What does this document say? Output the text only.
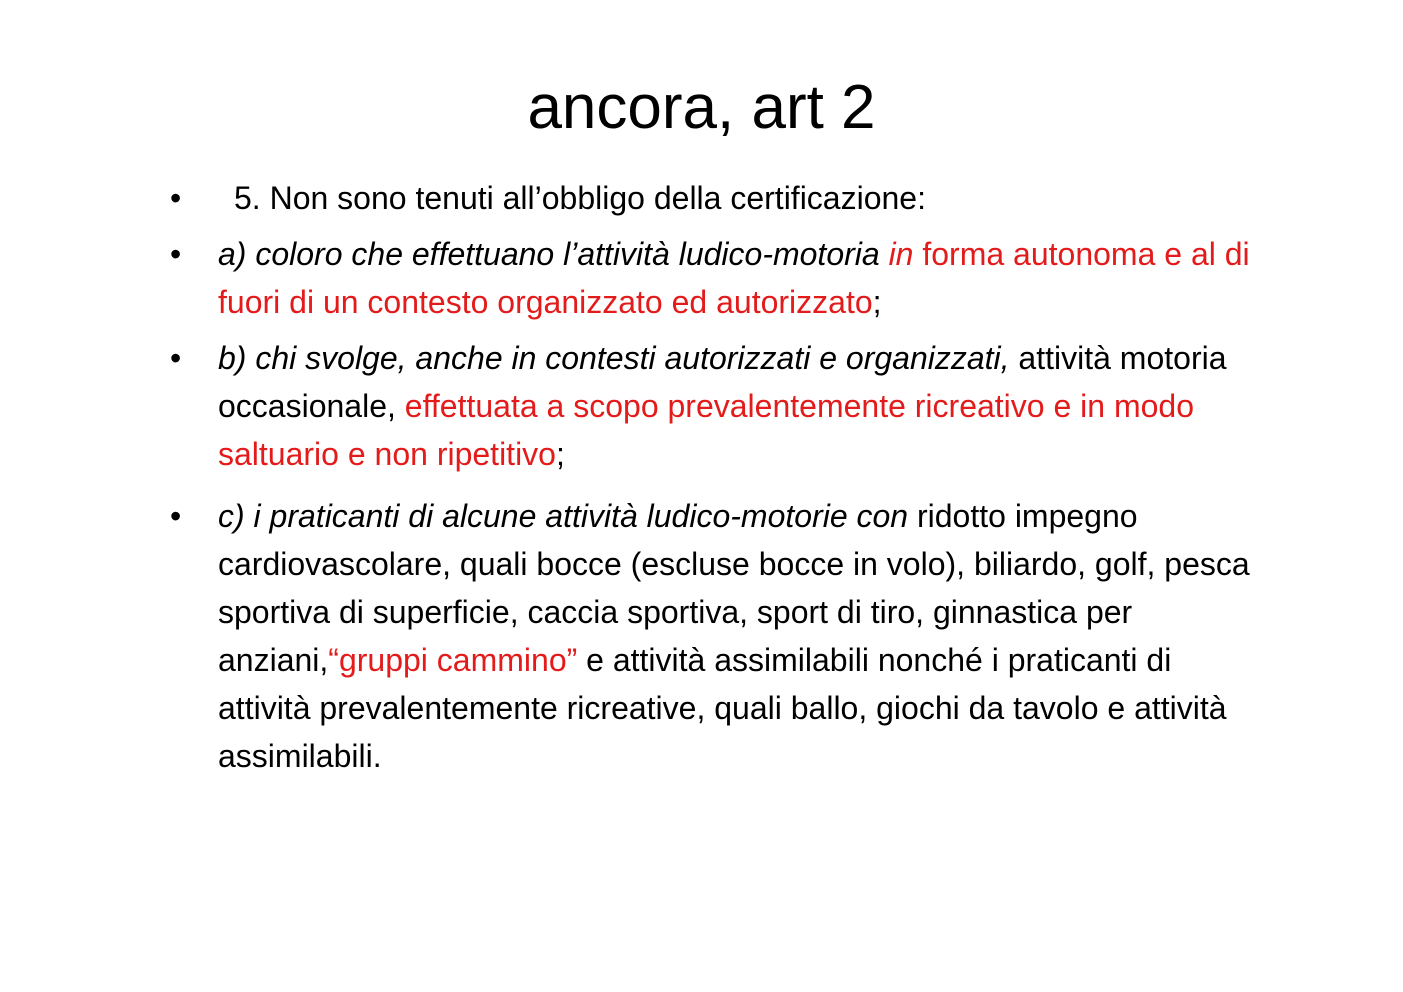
ancora, art 2
•	5. Non sono tenuti all’obbligo della certificazione:
•	a) coloro che effettuano l’attività ludico-motoria in forma autonoma e al di fuori di un contesto organizzato ed autorizzato;
•	b) chi svolge, anche in contesti autorizzati e organizzati, attività motoria occasionale, effettuata a scopo prevalentemente ricreativo e in modo saltuario e non ripetitivo;
•	c) i praticanti di alcune attività ludico-motorie con ridotto impegno cardiovascolare, quali bocce (escluse bocce in volo), biliardo, golf, pesca sportiva di superficie, caccia sportiva, sport di tiro, ginnastica per anziani,“gruppi cammino” e attività assimilabili nonché i praticanti di attività prevalentemente ricreative, quali ballo, giochi da tavolo e attività assimilabili.
